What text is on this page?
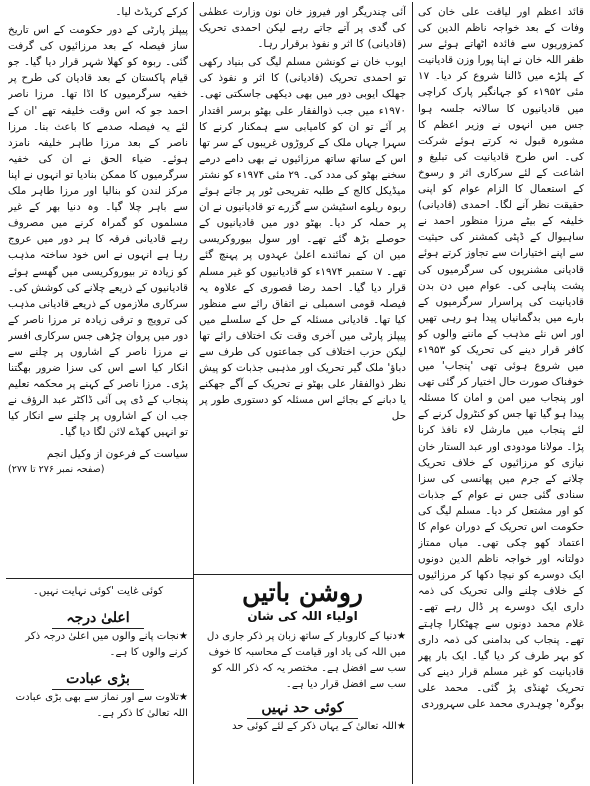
قائد اعظم اور لیاقت علی خان کی وفات کے بعد خواجہ ناظم الدین کی کمزوریوں سے فائدہ اٹھاتے ہوئے سر ظفر اللہ خان نے اپنا پورا وزن قادیانیت کے پلڑے میں ڈالنا شروع کر دیا۔ ۱۷ مئی ۱۹۵۲ء کو جہانگیر پارک کراچی میں قادیانیوں کا سالانہ جلسہ ہوا جس میں انہوں نے وزیر اعظم کا مشورہ قبول نہ کرتے ہوئے شرکت کی۔ اس طرح قادیانیت کی تبلیغ و اشاعت کے لئے سرکاری اثر و رسوخ کے استعمال کا الزام عوام کو اپنی حقیقت نظر آنے لگا۔ احمدی (قادیانی) خلیفہ کے بیٹے مرزا منظور احمد نے ساہیوال کے ڈپٹی کمشنر کی حیثیت سے اپنے اختیارات سے تجاوز کرتے ہوئے قادیانی مشنریوں کی سرگرمیوں کی پشت پناہی کی۔ عوام میں دن بدن قادیانیت کی پراسرار سرگرمیوں کے بارے میں بدگمانیاں پیدا ہو رہی تھیں اور اس نئے مذہب کے ماننے والوں کو کافر قرار دینے کی تحریک کو ۱۹۵۳ء میں شروع ہوئی تھی 'پنجاب' میں خوفناک صورت حال اختیار کر گئی تھی اور پنجاب میں امن و امان کا مسئلہ پیدا ہو گیا تھا جس کو کنٹرول کرنے کے لئے پنجاب میں مارشل لاء نافذ کرنا پڑا۔ مولانا مودودی اور عبد الستار خان نیازی کو مرزائیوں کے خلاف تحریک چلانے کے جرم میں پھانسی کی سزا سنادی گئی جس نے عوام کے جذبات کو اور مشتعل کر دیا۔ مسلم لیگ کی حکومت اس تحریک کے دوران عوام کا اعتماد کھو چکی تھی۔ میاں ممتاز دولتانہ اور خواجہ ناظم الدین دونوں ایک دوسرے کو نیچا دکھا کر مرزائیوں کے خلاف چلنے والی تحریک کی ذمہ داری ایک دوسرے پر ڈال رہے تھے۔ غلام محمد دونوں سے چھٹکارا چاہتے تھے۔ پنجاب کی بدامنی کی ذمہ داری کو بہر طرف کر دیا گیا۔ ایک بار پھر قادیانیت کو غیر مسلم قرار دینے کی تحریک ٹھنڈی پڑ گئی۔ محمد علی بوگرہ' چوہدری محمد علی سہروردی

آئی چندریگر اور فیروز خان نون وزارت عظمٰی کی گدی پر آتے جاتے رہے لیکن احمدی تحریک (قادیانی) کا اثر و نفوذ برقرار رہا۔

ایوب خان نے کونشن مسلم لیگ کی بنیاد رکھی تو احمدی تحریک (قادیانی) کا اثر و نفوذ کی جھلک ایوبی دور میں بھی دیکھی جاسکتی تھی۔ ۱۹۷۰ء میں جب ذوالفقار علی بھٹو برسر اقتدار پر آئے تو ان کو کامیابی سے ہمکنار کرنے کا سہرا جہاں ملک کے کروڑوں غریبوں کے سر تھا اس کے ساتھ ساتھ مرزائیوں نے بھی دامے درمے سخنے بھٹو کی مدد کی۔ ۲۹ مئی ۱۹۷۴ء کو نشتر میڈیکل کالج کے طلبہ تفریحی ٹور پر جاتے ہوئے ربوہ ریلوے اسٹیشن سے گزرے تو قادیانیوں نے ان پر حملہ کر دیا۔ بھٹو دور میں قادیانیوں کے حوصلے بڑھ گئے تھے۔ اور سول بیوروکریسی میں ان کے نمائندے اعلیٰ عہدوں پر پہنچ گئے تھے۔ ۷ ستمبر ۱۹۷۴ء کو قادیانیوں کو غیر مسلم قرار دیا گیا۔ احمد رضا قصوری کے علاوہ یہ فیصلہ قومی اسمبلی نے اتفاق رائے سے منظور کیا تھا۔ قادیانی مسئلہ کے حل کے سلسلے میں پیپلز پارٹی میں آخری وقت تک اختلاف رائے تھا لیکن حزب اختلاف کی جماعتوں کی طرف سے دباؤ' ملک گیر تحریک اور مذہبی جذبات کو پیش نظر ذوالفقار علی بھٹو نے تحریک کے آگے جھکنے یا دبانے کے بجائے اس مسئلہ کو دستوری طور پر حل

کرکے کریڈٹ لیا۔

پیپلز پارٹی کے دور حکومت کے اس تاریخ ساز فیصلہ کے بعد مرزائیوں کی گرفت گئی۔ ربوہ کو کھلا شہر قرار دیا گیا۔ جو قیام پاکستان کے بعد قادیان کی طرح پر خفیہ سرگرمیوں کا اڈا تھا۔ مرزا ناصر احمد جو کہ اس وقت خلیفہ تھے 'ان کے لئے یہ فیصلہ صدمے کا باعث بنا۔ مرزا ناصر کے بعد مرزا طاہر خلیفہ نامزد ہوئے۔ ضیاء الحق نے ان کی خفیہ سرگرمیوں کا ممکن بنادیا تو انہوں نے اپنا مرکز لندن کو بنالیا اور مرزا طاہر ملک سے باہر چلا گیا۔ وہ دنیا بھر کے غیر مسلموں کو گمراہ کرنے میں مصروف رہے قادیانی فرقہ کا ہر دور میں عروج رہا ہے انہوں نے اس خود ساختہ مذہب کو زیادہ تر بیوروکریسی میں گھسے ہوئے قادیانیوں کے ذریعے چلانے کی کوشش کی۔ سرکاری ملازموں کے ذریعے قادیانی مذہب کی ترویج و ترقی زیادہ تر مرزا ناصر کے دور میں پروان چڑھی جس سرکاری افسر نے مرزا ناصر کے اشاروں پر چلنے سے انکار کیا اسے اس کی سزا ضرور بھگتنا پڑی۔ مرزا ناصر کے کہنے پر محکمہ تعلیم پنجاب کے ڈی پی آئی ڈاکٹر عبد الرؤف نے جب ان کے اشاروں پر چلنے سے انکار کیا تو انہیں کھڈے لائن لگا دیا گیا۔

سیاست کے فرعون از وکیل انجم
(صفحہ نمبر ۲۷۶ تا ۲۷۷)
روشن باتیں
اولیاء اللہ کی شان
★دنیا کے کاروبار کے ساتھ زبان پر ذکر جاری دل میں اللہ کی یاد اور قیامت کے محاسبہ کا خوف سب سے افضل ہے۔ مختصر یہ کہ ذکر اللہ کو سب سے افضل قرار دیا ہے۔
کوئی حد نہیں
★اللہ تعالیٰ کے یہاں ذکر کے لئے کوئی حد
کوئی غایت 'کوئی نہایت نہیں۔
اعلیٰ درجہ
★نجات پانے والوں میں اعلیٰ درجہ ذکر کرنے والوں کا ہے۔
بڑی عبادت
★تلاوت سے اور نماز سے بھی بڑی عبادت اللہ تعالیٰ کا ذکر ہے۔
